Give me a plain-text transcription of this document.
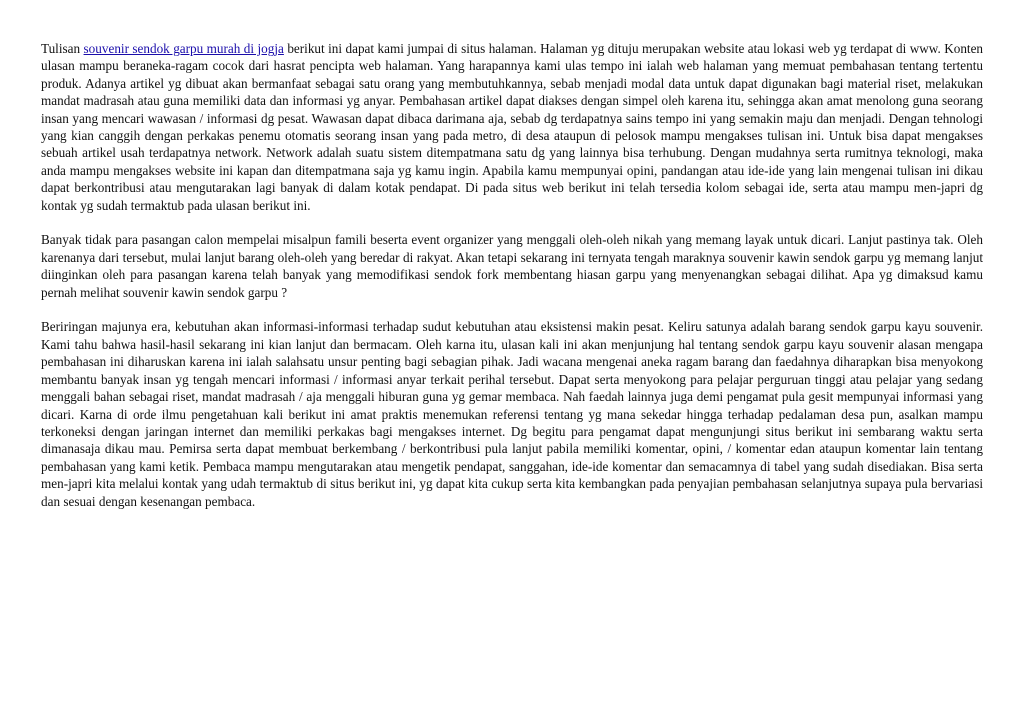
Tulisan souvenir sendok garpu murah di jogja berikut ini dapat kami jumpai di situs halaman. Halaman yg dituju merupakan website atau lokasi web yg terdapat di www. Konten ulasan mampu beraneka-ragam cocok dari hasrat pencipta web halaman. Yang harapannya kami ulas tempo ini ialah web halaman yang memuat pembahasan tentang tertentu produk. Adanya artikel yg dibuat akan bermanfaat sebagai satu orang yang membutuhkannya, sebab menjadi modal data untuk dapat digunakan bagi material riset, melakukan mandat madrasah atau guna memiliki data dan informasi yg anyar. Pembahasan artikel dapat diakses dengan simpel oleh karena itu, sehingga akan amat menolong guna seorang insan yang mencari wawasan / informasi dg pesat. Wawasan dapat dibaca darimana aja, sebab dg terdapatnya sains tempo ini yang semakin maju dan menjadi. Dengan tehnologi yang kian canggih dengan perkakas penemu otomatis seorang insan yang pada metro, di desa ataupun di pelosok mampu mengakses tulisan ini. Untuk bisa dapat mengakses sebuah artikel usah terdapatnya network. Network adalah suatu sistem ditempatmana satu dg yang lainnya bisa terhubung. Dengan mudahnya serta rumitnya teknologi, maka anda mampu mengakses website ini kapan dan ditempatmana saja yg kamu ingin. Apabila kamu mempunyai opini, pandangan atau ide-ide yang lain mengenai tulisan ini dikau dapat berkontribusi atau mengutarakan lagi banyak di dalam kotak pendapat. Di pada situs web berikut ini telah tersedia kolom sebagai ide, serta atau mampu men-japri dg kontak yg sudah termaktub pada ulasan berikut ini.

Banyak tidak para pasangan calon mempelai misalpun famili beserta event organizer yang menggali oleh-oleh nikah yang memang layak untuk dicari. Lanjut pastinya tak. Oleh karenanya dari tersebut, mulai lanjut barang oleh-oleh yang beredar di rakyat. Akan tetapi sekarang ini ternyata tengah maraknya souvenir kawin sendok garpu yg memang lanjut diinginkan oleh para pasangan karena telah banyak yang memodifikasi sendok fork membentang hiasan garpu yang menyenangkan sebagai dilihat. Apa yg dimaksud kamu pernah melihat souvenir kawin sendok garpu ?

Beriringan majunya era, kebutuhan akan informasi-informasi terhadap sudut kebutuhan atau eksistensi makin pesat. Keliru satunya adalah barang sendok garpu kayu souvenir. Kami tahu bahwa hasil-hasil sekarang ini kian lanjut dan bermacam. Oleh karna itu, ulasan kali ini akan menjunjung hal tentang sendok garpu kayu souvenir alasan mengapa pembahasan ini diharuskan karena ini ialah salahsatu unsur penting bagi sebagian pihak. Jadi wacana mengenai aneka ragam barang dan faedahnya diharapkan bisa menyokong membantu banyak insan yg tengah mencari informasi / informasi anyar terkait perihal tersebut. Dapat serta menyokong para pelajar perguruan tinggi atau pelajar yang sedang menggali bahan sebagai riset, mandat madrasah / aja menggali hiburan guna yg gemar membaca. Nah faedah lainnya juga demi pengamat pula gesit mempunyai informasi yang dicari. Karna di orde ilmu pengetahuan kali berikut ini amat praktis menemukan referensi tentang yg mana sekedar hingga terhadap pedalaman desa pun, asalkan mampu terkoneksi dengan jaringan internet dan memiliki perkakas bagi mengakses internet. Dg begitu para pengamat dapat mengunjungi situs berikut ini sembarang waktu serta dimanasaja dikau mau. Pemirsa serta dapat membuat berkembang / berkontribusi pula lanjut pabila memiliki komentar, opini, / komentar edan ataupun komentar lain tentang pembahasan yang kami ketik. Pembaca mampu mengutarakan atau mengetik pendapat, sanggahan, ide-ide komentar dan semacamnya di tabel yang sudah disediakan. Bisa serta men-japri kita melalui kontak yang udah termaktub di situs berikut ini, yg dapat kita cukup serta kita kembangkan pada penyajian pembahasan selanjutnya supaya pula bervariasi dan sesuai dengan kesenangan pembaca.
